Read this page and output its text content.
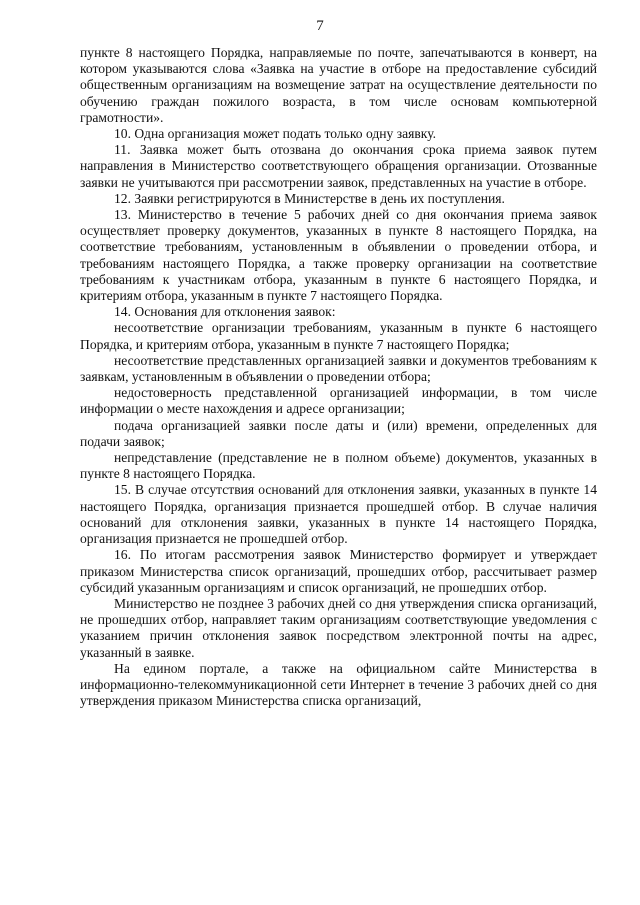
7

пункте 8 настоящего Порядка, направляемые по почте, запечатываются в конверт, на котором указываются слова «Заявка на участие в отборе на предоставление субсидий общественным организациям на возмещение затрат на осуществление деятельности по обучению граждан пожилого возраста, в том числе основам компьютерной грамотности».

10. Одна организация может подать только одну заявку.

11. Заявка может быть отозвана до окончания срока приема заявок путем направления в Министерство соответствующего обращения организации. Отозванные заявки не учитываются при рассмотрении заявок, представленных на участие в отборе.

12. Заявки регистрируются в Министерстве в день их поступления.

13. Министерство в течение 5 рабочих дней со дня окончания приема заявок осуществляет проверку документов, указанных в пункте 8 настоящего Порядка, на соответствие требованиям, установленным в объявлении о проведении отбора, и требованиям настоящего Порядка, а также проверку организации на соответствие требованиям к участникам отбора, указанным в пункте 6 настоящего Порядка, и критериям отбора, указанным в пункте 7 настоящего Порядка.

14. Основания для отклонения заявок:

несоответствие организации требованиям, указанным в пункте 6 настоящего Порядка, и критериям отбора, указанным в пункте 7 настоящего Порядка;

несоответствие представленных организацией заявки и документов требованиям к заявкам, установленным в объявлении о проведении отбора;

недостоверность представленной организацией информации, в том числе информации о месте нахождения и адресе организации;

подача организацией заявки после даты и (или) времени, определенных для подачи заявок;

непредставление (представление не в полном объеме) документов, указанных в пункте 8 настоящего Порядка.

15. В случае отсутствия оснований для отклонения заявки, указанных в пункте 14 настоящего Порядка, организация признается прошедшей отбор. В случае наличия оснований для отклонения заявки, указанных в пункте 14 настоящего Порядка, организация признается не прошедшей отбор.

16. По итогам рассмотрения заявок Министерство формирует и утверждает приказом Министерства список организаций, прошедших отбор, рассчитывает размер субсидий указанным организациям и список организаций, не прошедших отбор.

Министерство не позднее 3 рабочих дней со дня утверждения списка организаций, не прошедших отбор, направляет таким организациям соответствующие уведомления с указанием причин отклонения заявок посредством электронной почты на адрес, указанный в заявке.

На едином портале, а также на официальном сайте Министерства в информационно-телекоммуникационной сети Интернет в течение 3 рабочих дней со дня утверждения приказом Министерства списка организаций,
